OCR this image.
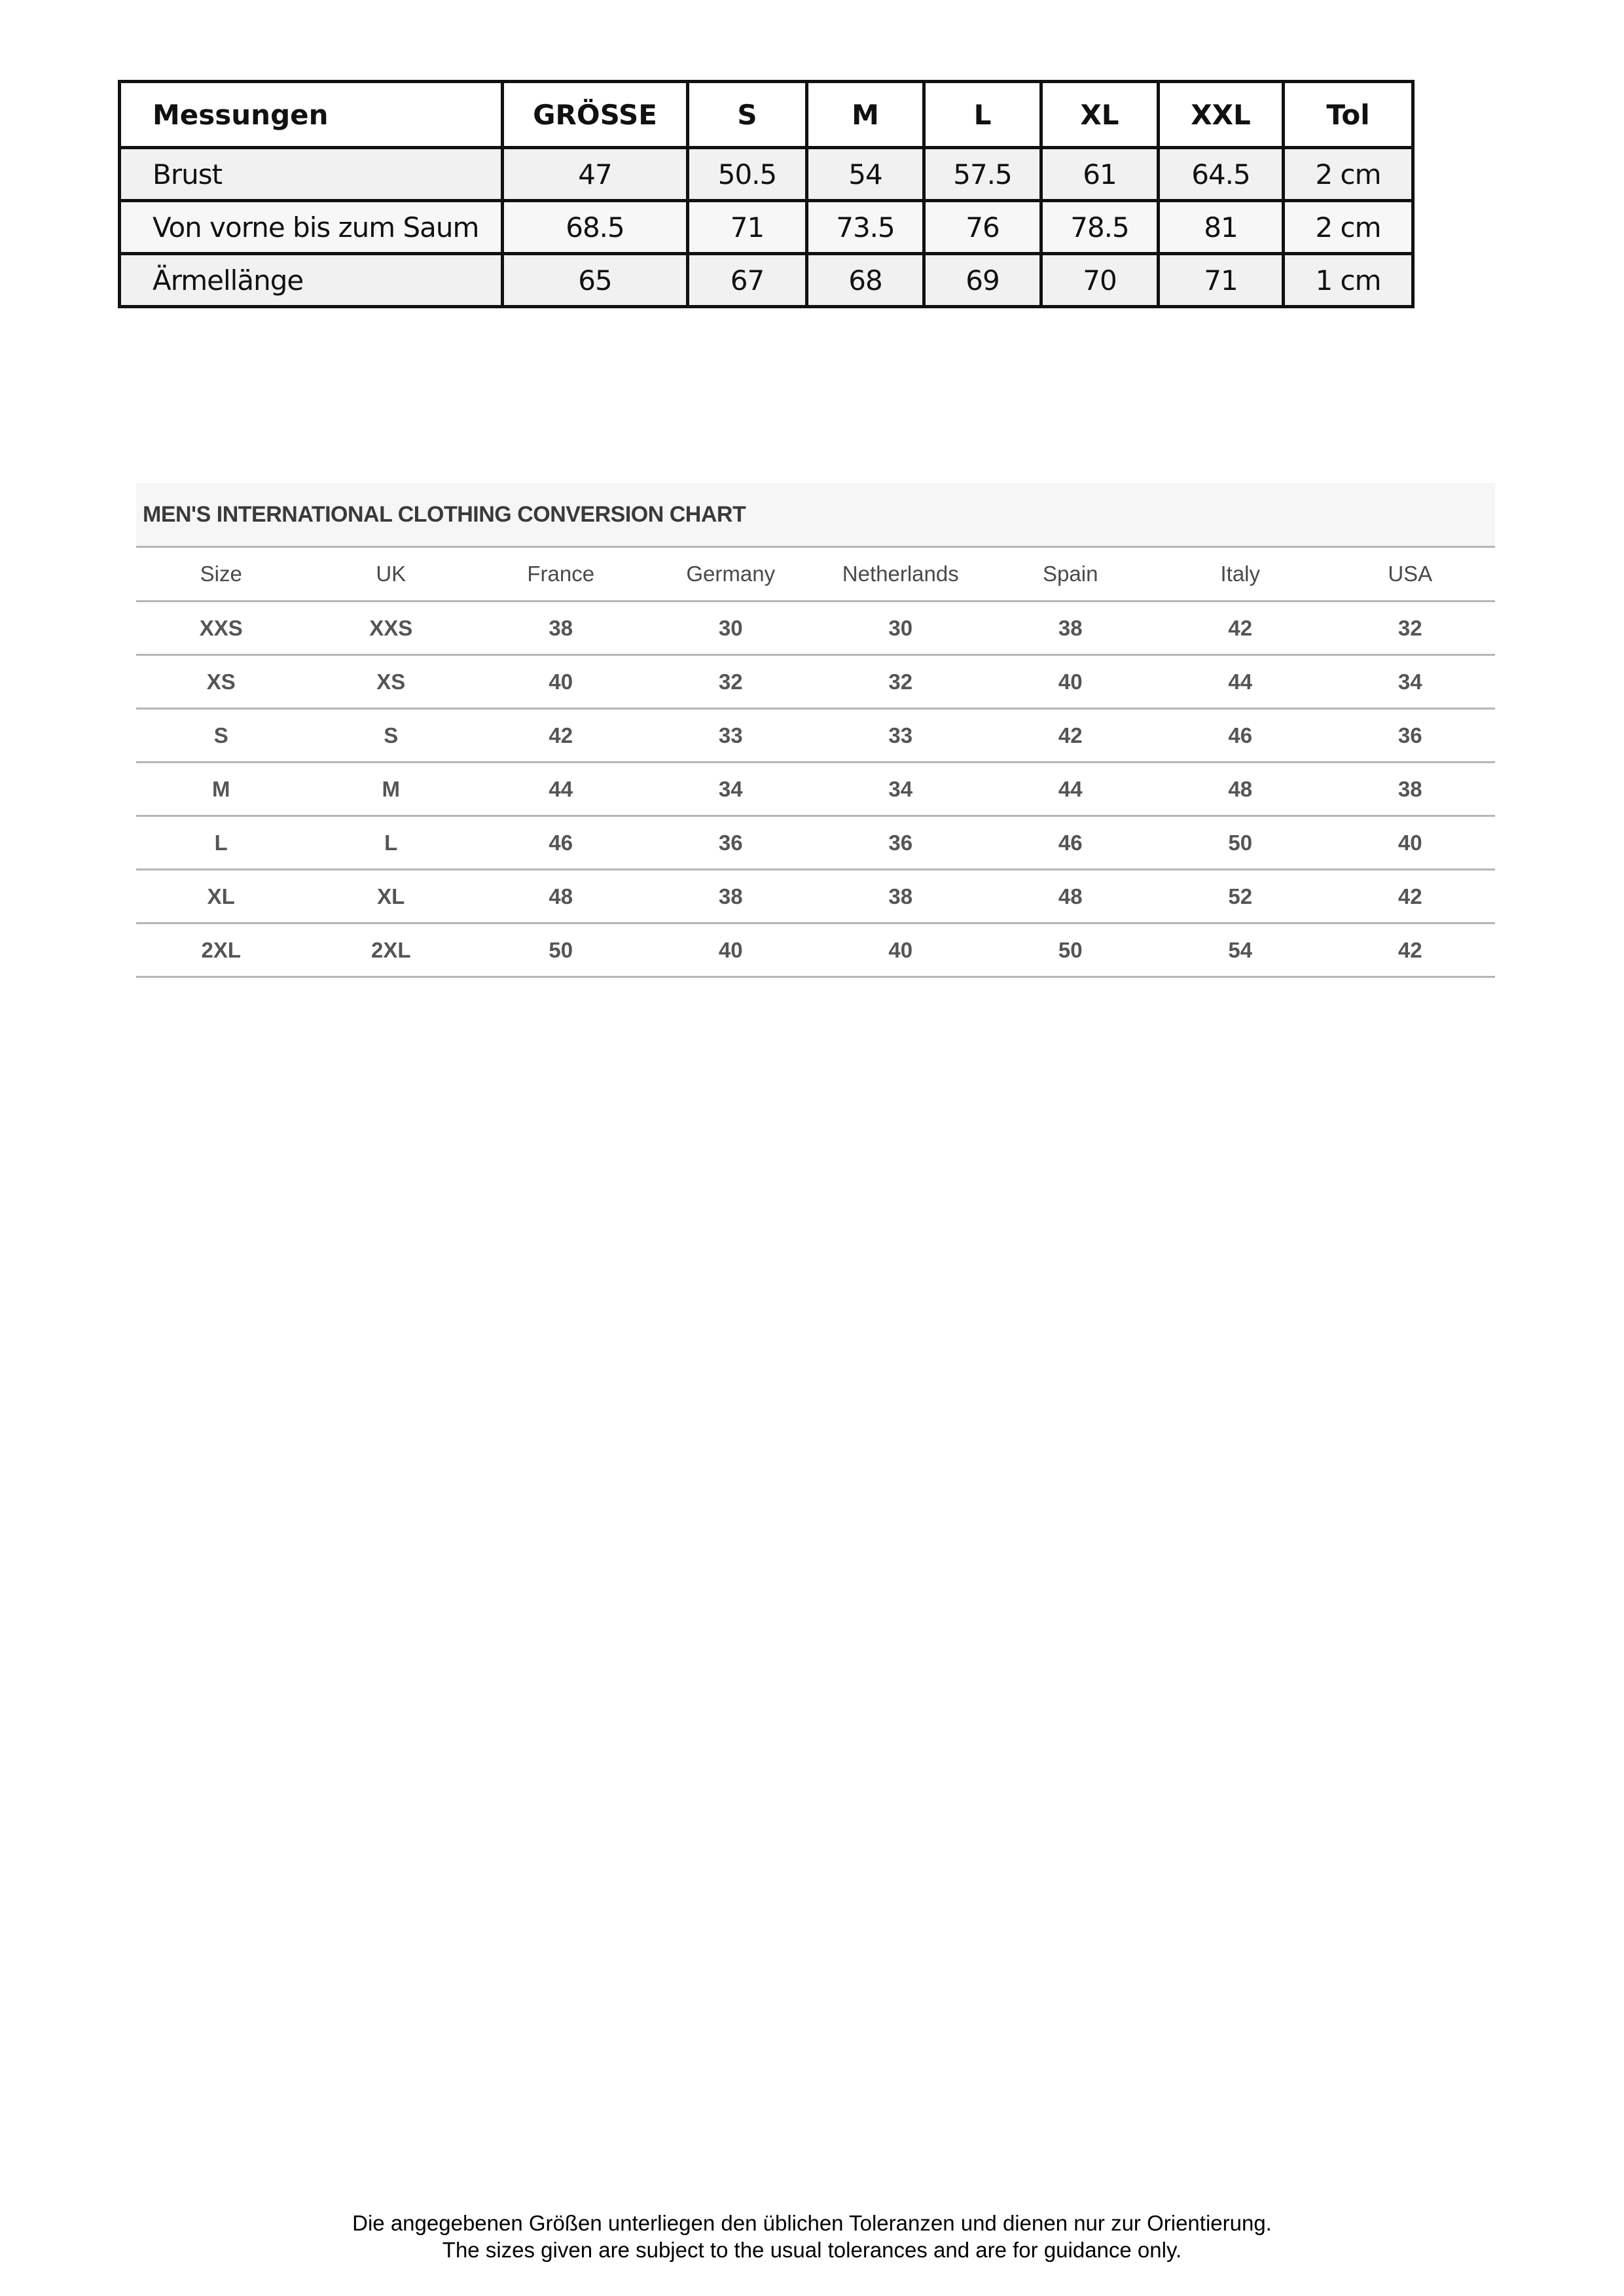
Messungen	GRÖSSE	S	M	L	XL	XXL	Tol
Brust	47	50.5	54	57.5	61	64.5	2 cm
Von vorne bis zum Saum	68.5	71	73.5	76	78.5	81	2 cm
Ärmellänge	65	67	68	69	70	71	1 cm
MEN'S INTERNATIONAL CLOTHING CONVERSION CHART
Size	UK	France	Germany	Netherlands	Spain	Italy	USA
XXS	XXS	38	30	30	38	42	32
XS	XS	40	32	32	40	44	34
S	S	42	33	33	42	46	36
M	M	44	34	34	44	48	38
L	L	46	36	36	46	50	40
XL	XL	48	38	38	48	52	42
2XL	2XL	50	40	40	50	54	42
Die angegebenen Größen unterliegen den üblichen Toleranzen und dienen nur zur Orientierung.
The sizes given are subject to the usual tolerances and are for guidance only.
